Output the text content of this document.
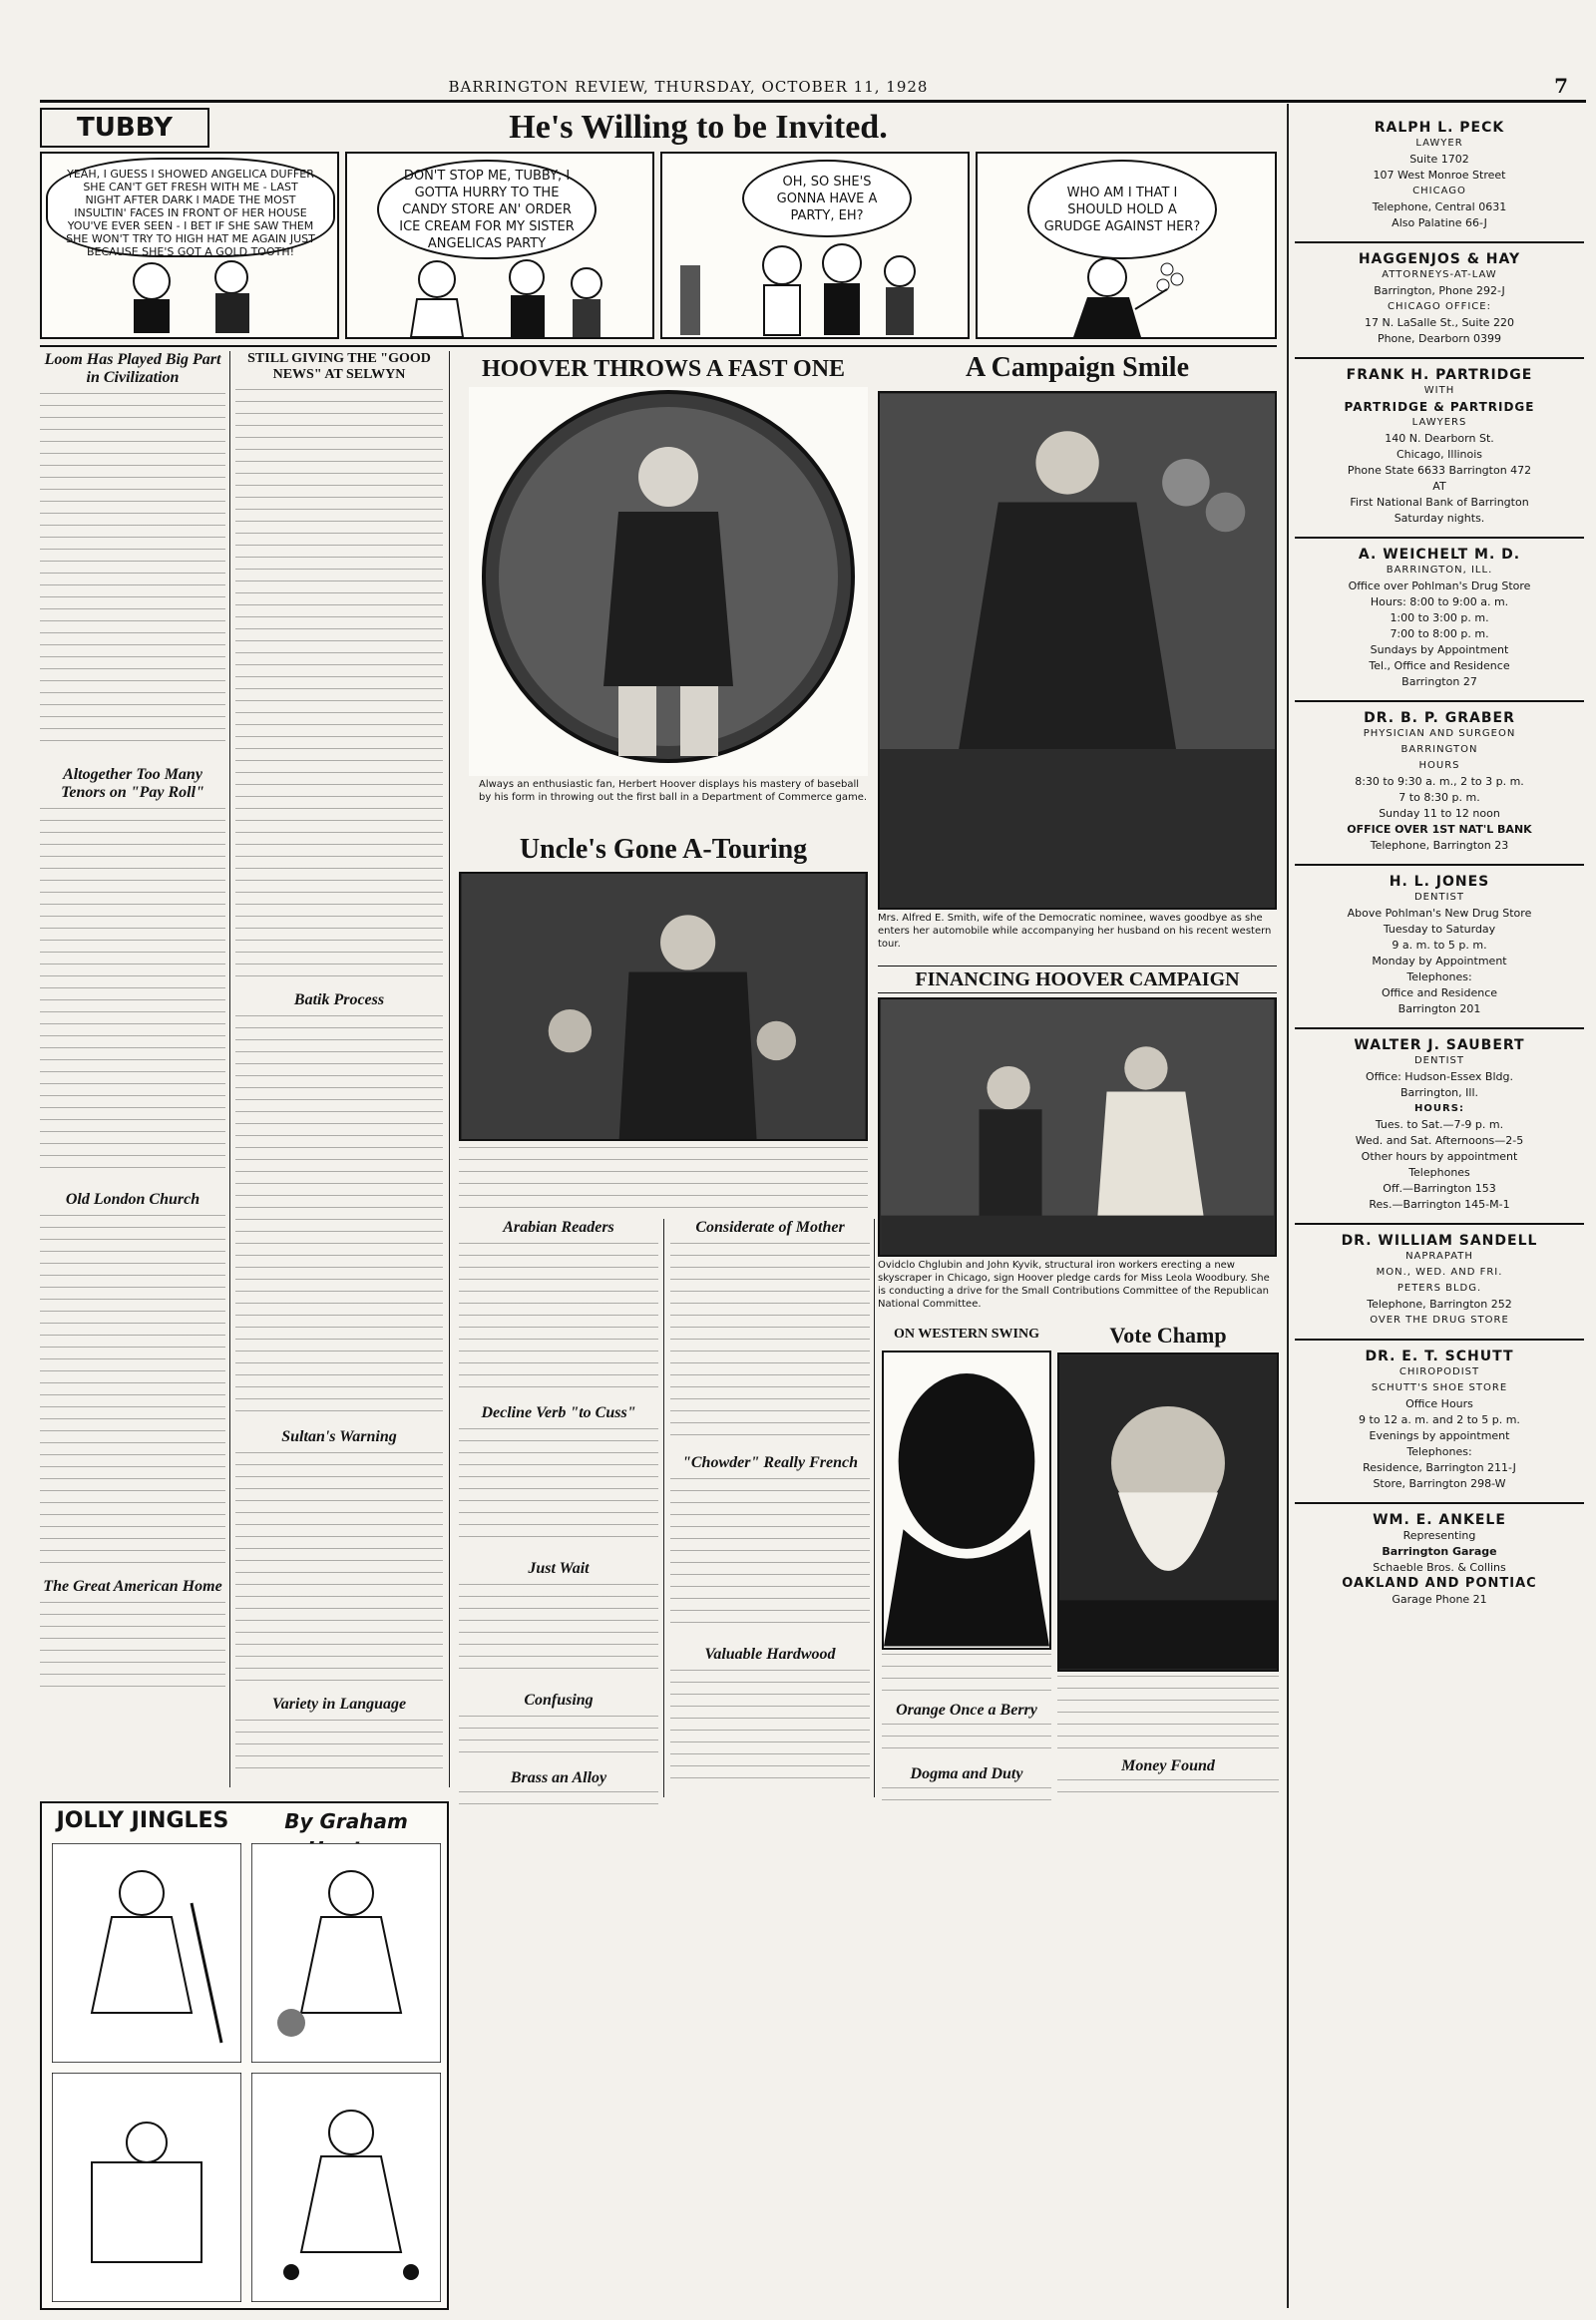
BARRINGTON REVIEW, THURSDAY, OCTOBER 11, 1928	7
TUBBY	He's Willing to be Invited.
YEAH, I GUESS I SHOWED ANGELICA DUFFER SHE CAN'T GET FRESH WITH ME - LAST NIGHT AFTER DARK I MADE THE MOST INSULTIN' FACES IN FRONT OF HER HOUSE YOU'VE EVER SEEN - I BET IF SHE SAW THEM SHE WON'T TRY TO HIGH HAT ME AGAIN JUST BECAUSE SHE'S GOT A GOLD TOOTH!
DON'T STOP ME, TUBBY, I GOTTA HURRY TO THE CANDY STORE AN' ORDER ICE CREAM FOR MY SISTER ANGELICAS PARTY
OH, SO SHE'S GONNA HAVE A PARTY, EH?
WHO AM I THAT I SHOULD HOLD A GRUDGE AGAINST HER?
Loom Has Played Big Part in Civilization
Altogether Too Many Tenors on "Pay Roll"
Old London Church
The Great American Home
STILL GIVING THE "GOOD NEWS" AT SELWYN
Batik Process
Sultan's Warning
Variety in Language
HOOVER THROWS A FAST ONE
Always an enthusiastic fan, Herbert Hoover displays his mastery of baseball by his form in throwing out the first ball in a Department of Commerce game.
A Campaign Smile
Mrs. Alfred E. Smith, wife of the Democratic nominee, waves goodbye as she enters her automobile while accompanying her husband on his recent western tour.
Uncle's Gone A-Touring
FINANCING HOOVER CAMPAIGN
Ovidclo Chglubin and John Kyvik, structural iron workers erecting a new skyscraper in Chicago, sign Hoover pledge cards for Miss Leola Woodbury. She is conducting a drive for the Small Contributions Committee of the Republican National Committee.
Arabian Readers
Decline Verb "to Cuss"
Just Wait
Confusing
Brass an Alloy
Considerate of Mother
"Chowder" Really French
Valuable Hardwood
ON WESTERN SWING	Vote Champ
Orange Once a Berry
Dogma and Duty	Money Found
JOLLY JINGLES	By Graham
RALPH L. PECK
LAWYER
Suite 1702
107 West Monroe Street
CHICAGO
Telephone, Central 0631
Also Palatine 66-J
HAGGENJOS & HAY
ATTORNEYS-AT-LAW
Barrington, Phone 292-J
CHICAGO OFFICE:
17 N. LaSalle St., Suite 220
Phone, Dearborn 0399
FRANK H. PARTRIDGE
WITH
PARTRIDGE & PARTRIDGE
LAWYERS
140 N. Dearborn St.
Chicago, Illinois
Phone State 6633 Barrington 472
AT
First National Bank of Barrington
Saturday nights.
A. WEICHELT M. D.
BARRINGTON, ILL.
Office over Pohlman's Drug Store
Hours: 8:00 to 9:00 a. m.
1:00 to 3:00 p. m.
7:00 to 8:00 p. m.
Sundays by Appointment
Tel., Office and Residence
Barrington 27
DR. B. P. GRABER
PHYSICIAN AND SURGEON
BARRINGTON
HOURS
8:30 to 9:30 a. m., 2 to 3 p. m.
7 to 8:30 p. m.
Sunday 11 to 12 noon
OFFICE OVER 1ST NAT'L BANK
Telephone, Barrington 23
H. L. JONES
DENTIST
Above Pohlman's New Drug Store
Tuesday to Saturday
9 a. m. to 5 p. m.
Monday by Appointment
Telephones:
Office and Residence
Barrington 201
WALTER J. SAUBERT
DENTIST
Office: Hudson-Essex Bldg.
Barrington, Ill.
HOURS:
Tues. to Sat.—7-9 p. m.
Wed. and Sat. Afternoons—2-5
Other hours by appointment
Telephones
Off.—Barrington 153
Res.—Barrington 145-M-1
DR. WILLIAM SANDELL
NAPRAPATH
MON., WED. AND FRI.
PETERS BLDG.
Telephone, Barrington 252
OVER THE DRUG STORE
DR. E. T. SCHUTT
CHIROPODIST
SCHUTT'S SHOE STORE
Office Hours
9 to 12 a. m. and 2 to 5 p. m.
Evenings by appointment
Telephones:
Residence, Barrington 211-J
Store, Barrington 298-W
WM. E. ANKELE
Representing
Barrington Garage
Schaeble Bros. & Collins
OAKLAND AND PONTIAC
Garage Phone 21
